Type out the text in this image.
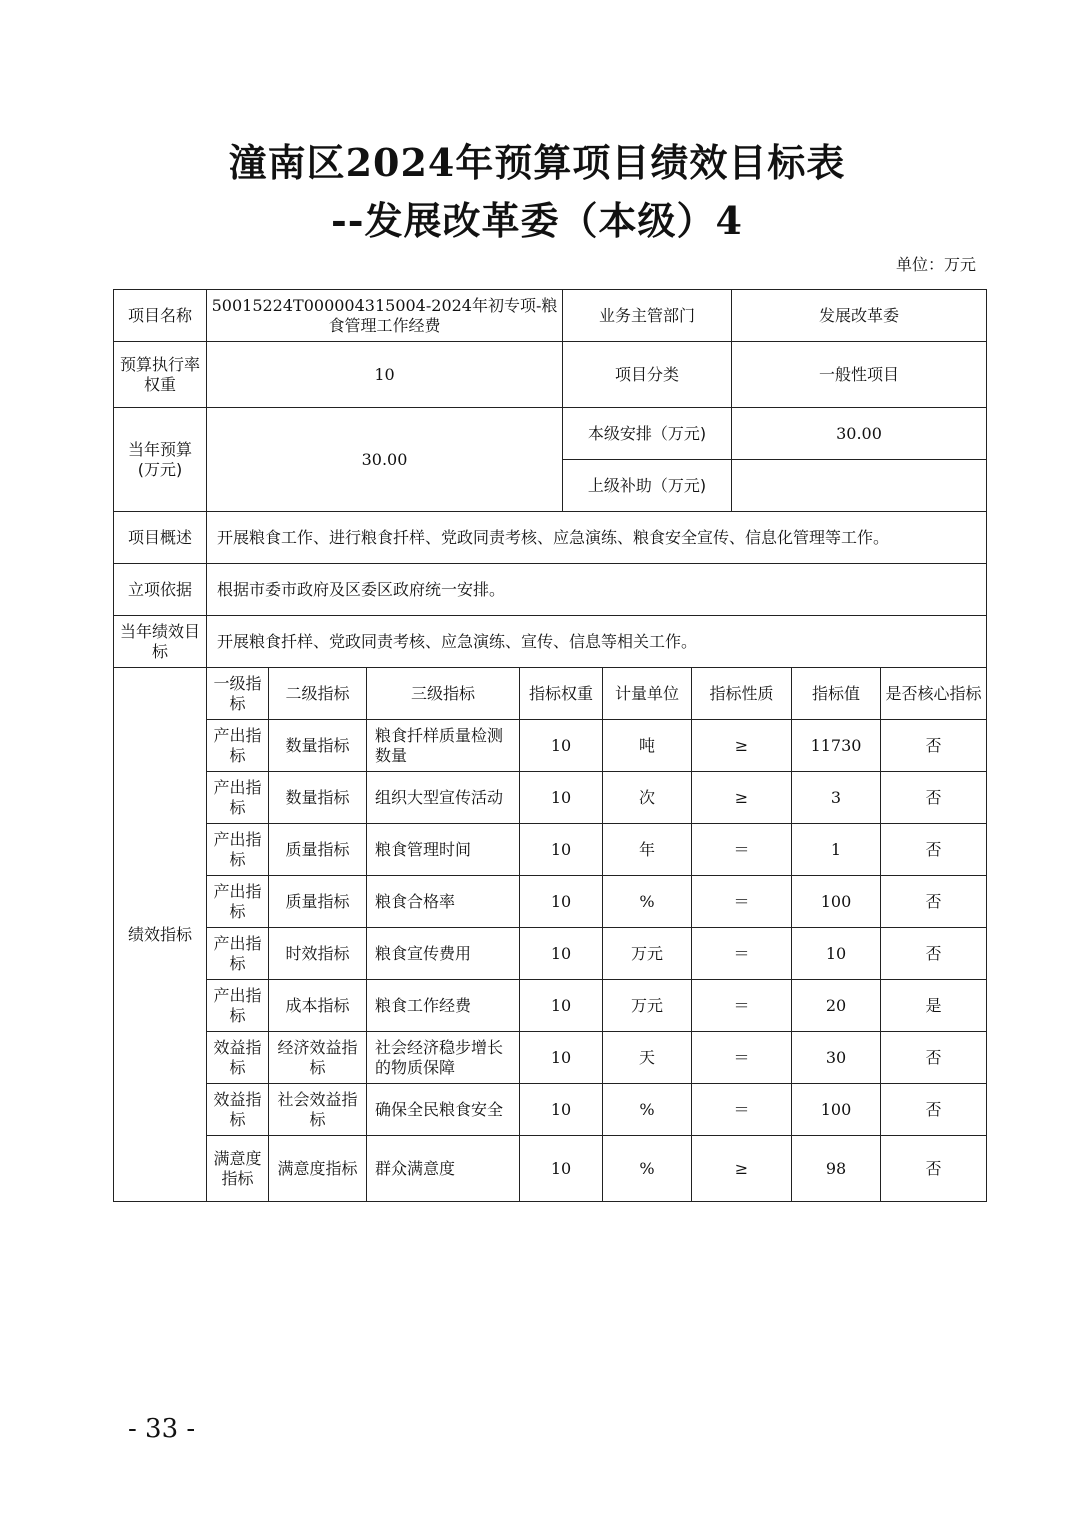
潼南区2024年预算项目绩效目标表
--发展改革委（本级）4
单位：万元
项目名称	50015224T000004315004-2024年初专项-粮食管理工作经费				业务主管部门			发展改革委		
预算执行率权重	10				项目分类			一般性项目		
当年预算(万元)	30.00				本级安排（万元)			30.00		
					上级补助（万元)					
项目概述	开展粮食工作、进行粮食扦样、党政同责考核、应急演练、粮食安全宣传、信息化管理等工作。									
立项依据	根据市委市政府及区委区政府统一安排。									
当年绩效目标	开展粮食扦样、党政同责考核、应急演练、宣传、信息等相关工作。									
绩效指标	一级指标	二级指标	三级指标	指标权重		计量单位	指标性质		指标值	是否核心指标
	产出指标	数量指标	粮食扦样质量检测数量	10		吨	≥		11730	否
	产出指标	数量指标	组织大型宣传活动	10		次	≥		3	否
	产出指标	质量指标	粮食管理时间	10		年	＝		1	否
	产出指标	质量指标	粮食合格率	10		%	＝		100	否
	产出指标	时效指标	粮食宣传费用	10		万元	＝		10	否
	产出指标	成本指标	粮食工作经费	10		万元	＝		20	是
	效益指标	经济效益指标	社会经济稳步增长的物质保障	10		天	＝		30	否
	效益指标	社会效益指标	确保全民粮食安全	10		%	＝		100	否
	满意度指标	满意度指标	群众满意度	10		%	≥		98	否
- 33 -
